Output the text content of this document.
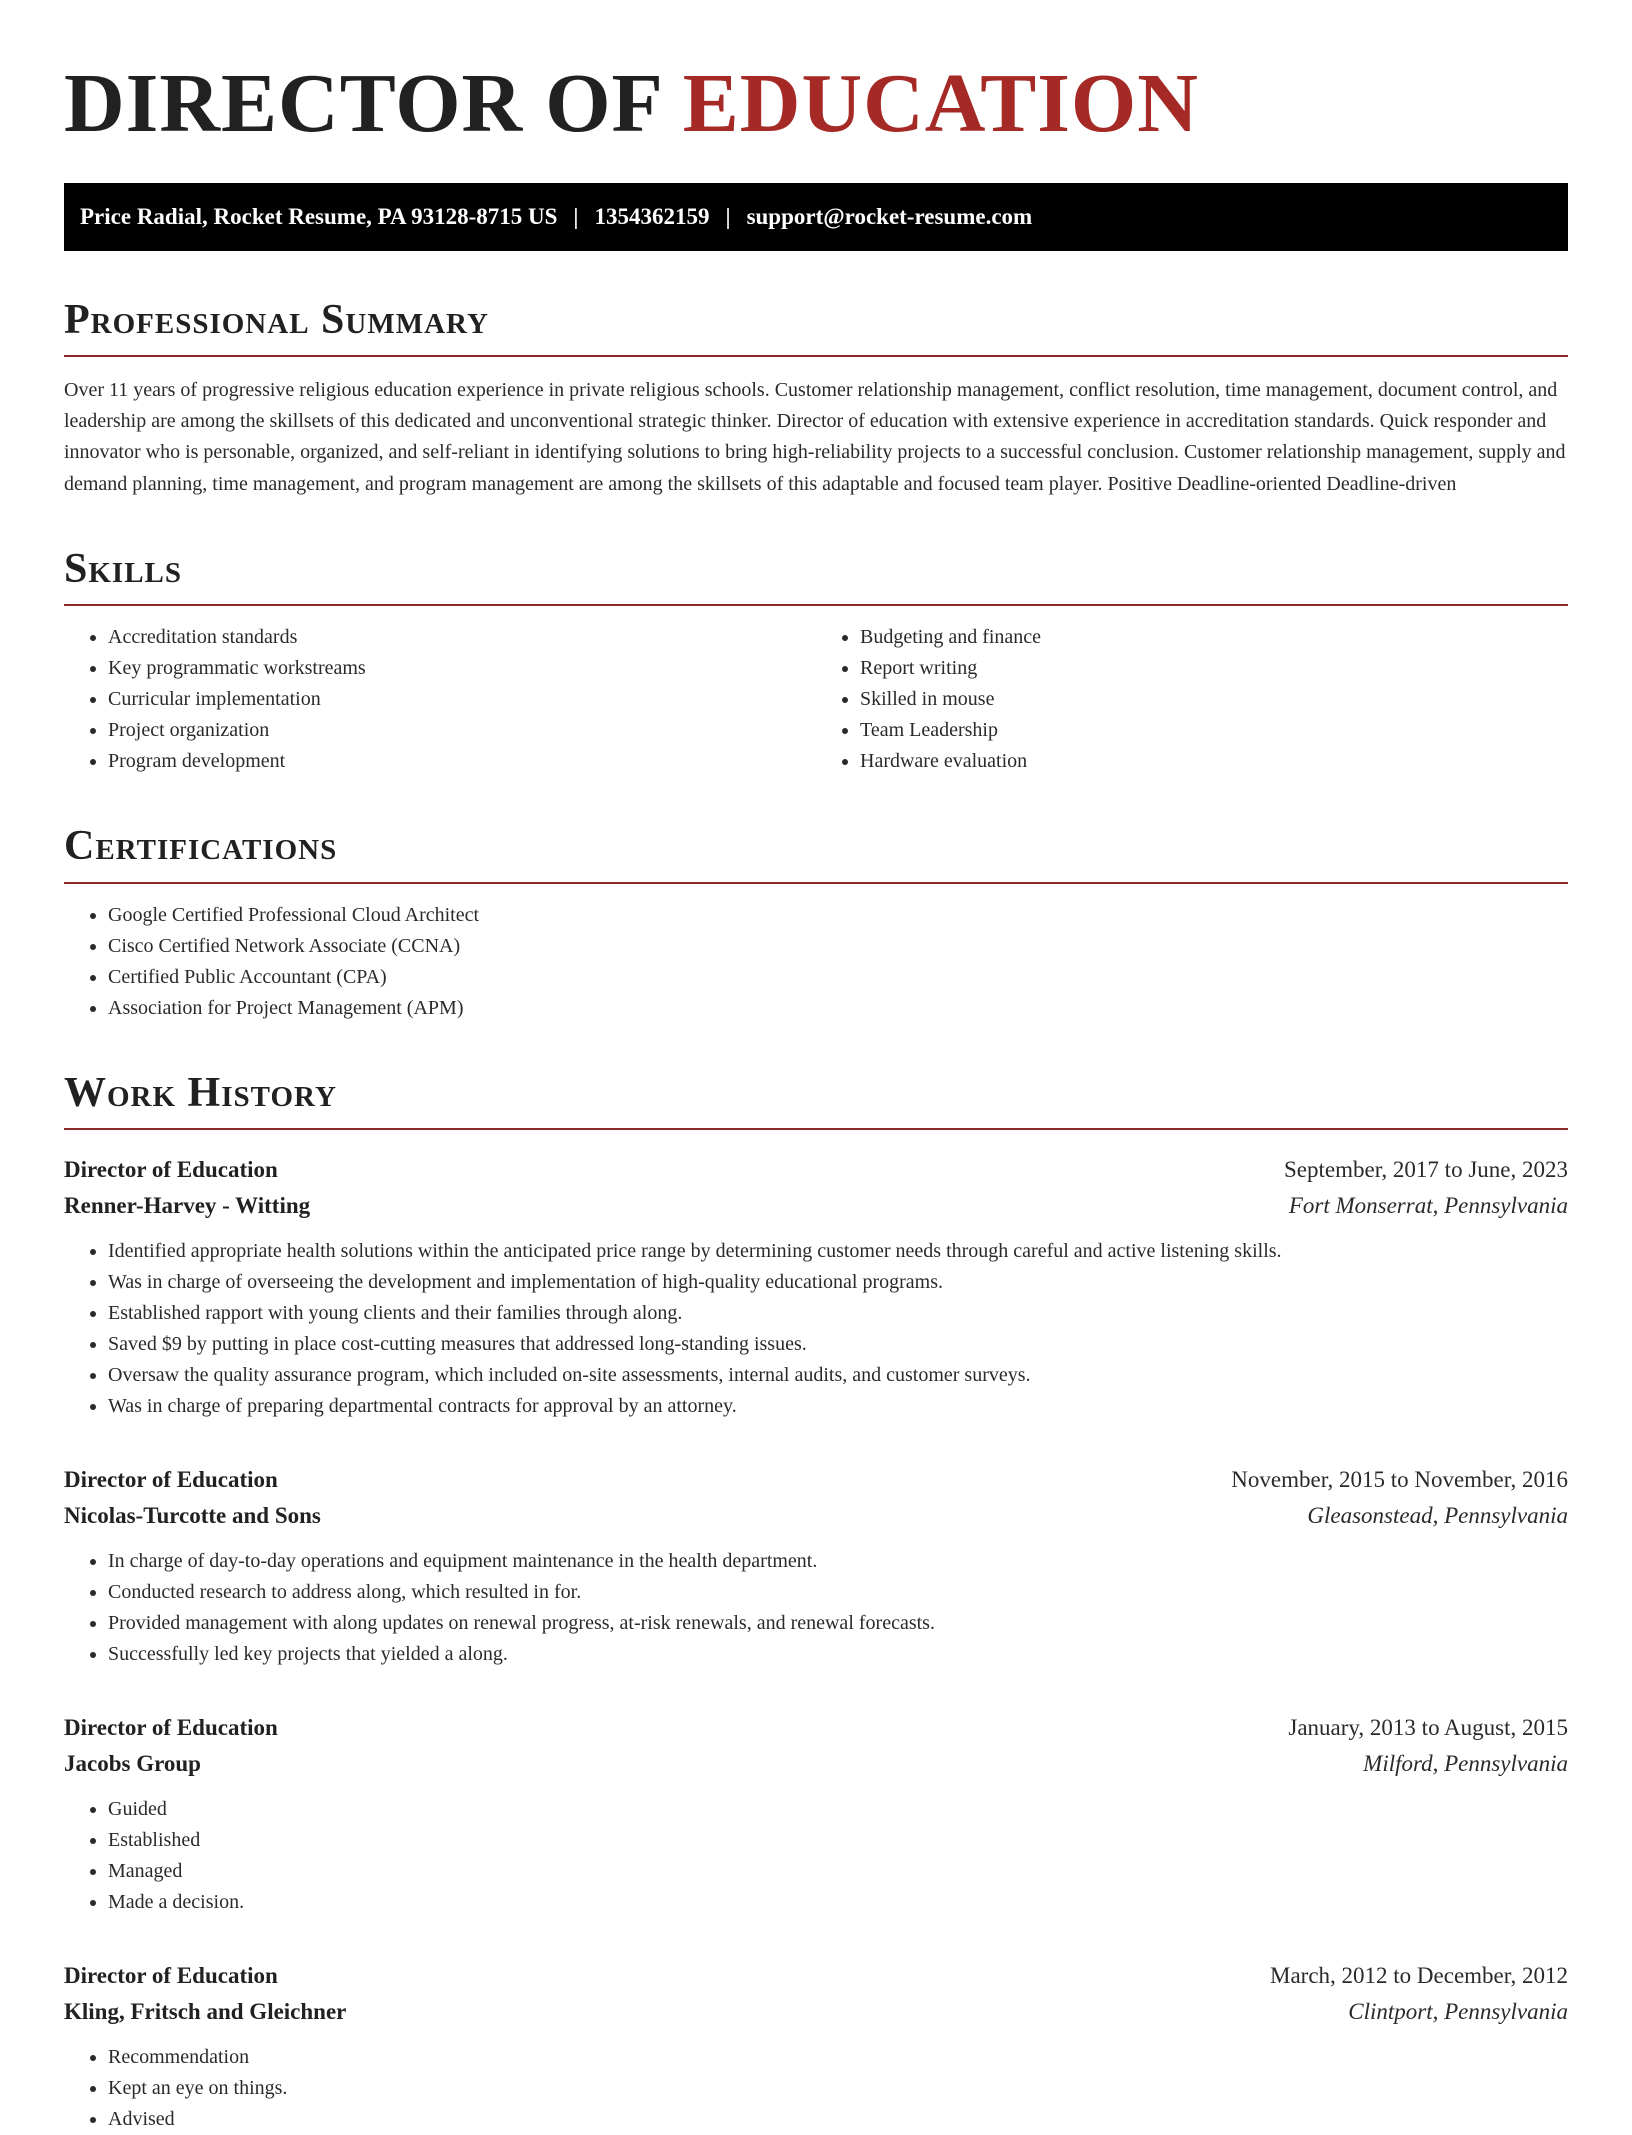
DIRECTOR OF EDUCATION
Price Radial, Rocket Resume, PA 93128-8715 US | 1354362159 | support@rocket-resume.com
Professional Summary

Over 11 years of progressive religious education experience in private religious schools. Customer relationship management, conflict resolution, time management, document control, and leadership are among the skillsets of this dedicated and unconventional strategic thinker. Director of education with extensive experience in accreditation standards. Quick responder and innovator who is personable, organized, and self-reliant in identifying solutions to bring high-reliability projects to a successful conclusion. Customer relationship management, supply and demand planning, time management, and program management are among the skillsets of this adaptable and focused team player. Positive Deadline-oriented Deadline-driven

Skills
• Accreditation standards
• Key programmatic workstreams
• Curricular implementation
• Project organization
• Program development
• Budgeting and finance
• Report writing
• Skilled in mouse
• Team Leadership
• Hardware evaluation
Certifications
• Google Certified Professional Cloud Architect
• Cisco Certified Network Associate (CCNA)
• Certified Public Accountant (CPA)
• Association for Project Management (APM)
Work History
Director of Education	September, 2017 to June, 2023
Renner-Harvey - Witting	Fort Monserrat, Pennsylvania
• Identified appropriate health solutions within the anticipated price range by determining customer needs through careful and active listening skills.
• Was in charge of overseeing the development and implementation of high-quality educational programs.
• Established rapport with young clients and their families through along.
• Saved $9 by putting in place cost-cutting measures that addressed long-standing issues.
• Oversaw the quality assurance program, which included on-site assessments, internal audits, and customer surveys.
• Was in charge of preparing departmental contracts for approval by an attorney.
Director of Education	November, 2015 to November, 2016
Nicolas-Turcotte and Sons	Gleasonstead, Pennsylvania
• In charge of day-to-day operations and equipment maintenance in the health department.
• Conducted research to address along, which resulted in for.
• Provided management with along updates on renewal progress, at-risk renewals, and renewal forecasts.
• Successfully led key projects that yielded a along.
Director of Education	January, 2013 to August, 2015
Jacobs Group	Milford, Pennsylvania
• Guided
• Established
• Managed
• Made a decision.
Director of Education	March, 2012 to December, 2012
Kling, Fritsch and Gleichner	Clintport, Pennsylvania
• Recommendation
• Kept an eye on things.
• Advised
